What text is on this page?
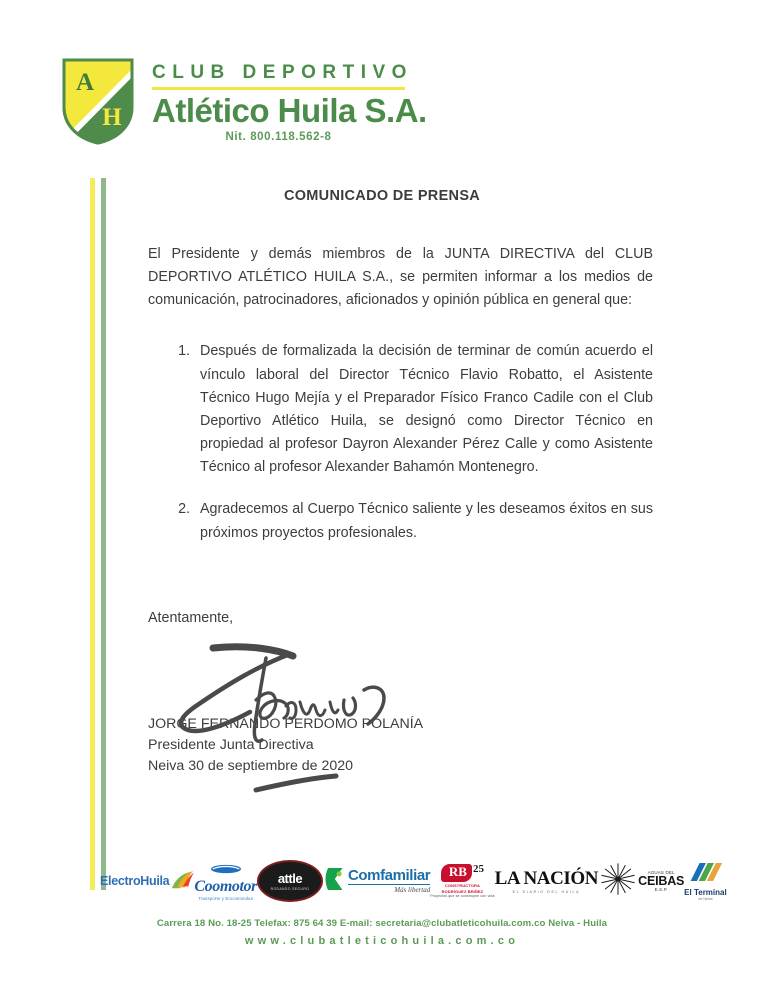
A
H
CLUB DEPORTIVO
Atlético Huila S.A.
Nit. 800.118.562-8
COMUNICADO DE PRENSA

El Presidente y demás miembros de la JUNTA DIRECTIVA del CLUB DEPORTIVO ATLÉTICO HUILA S.A., se permiten informar a los medios de comunicación, patrocinadores, aficionados y opinión pública en general que:

Después de formalizada la decisión de terminar de común acuerdo el vínculo laboral del Director Técnico Flavio Robatto, el Asistente Técnico Hugo Mejía y el Preparador Físico Franco Cadile con el Club Deportivo Atlético Huila, se designó como Director Técnico en propiedad al profesor Dayron Alexander Pérez Calle y como Asistente Técnico al profesor Alexander Bahamón Montenegro.
Agradecemos al Cuerpo Técnico saliente y les deseamos éxitos en sus próximos proyectos profesionales.

Atentamente,

JORGE FERNANDO PERDOMO POLANÍA

Presidente Junta Directiva

Neiva 30 de septiembre de 2020

ElectroHuila Coomotor
Transporte y Encomiendas
attle
RODANDO SEGURO
Comfamiliar
Más libertad
RB 25
CONSTRUCTORA
RODRÍGUEZ BRIÑEZ
Proyectos que se construyen con vida
LA NACIÓN
EL DIARIO DEL HUILA
AGUAS DEL
CEIBAS
E.S.P.	El Terminal
de Neiva
Carrera 18 No. 18-25 Telefax: 875 64 39 E-mail: secretaria@clubatleticohuila.com.co Neiva - Huila
www.clubatleticohuila.com.co
